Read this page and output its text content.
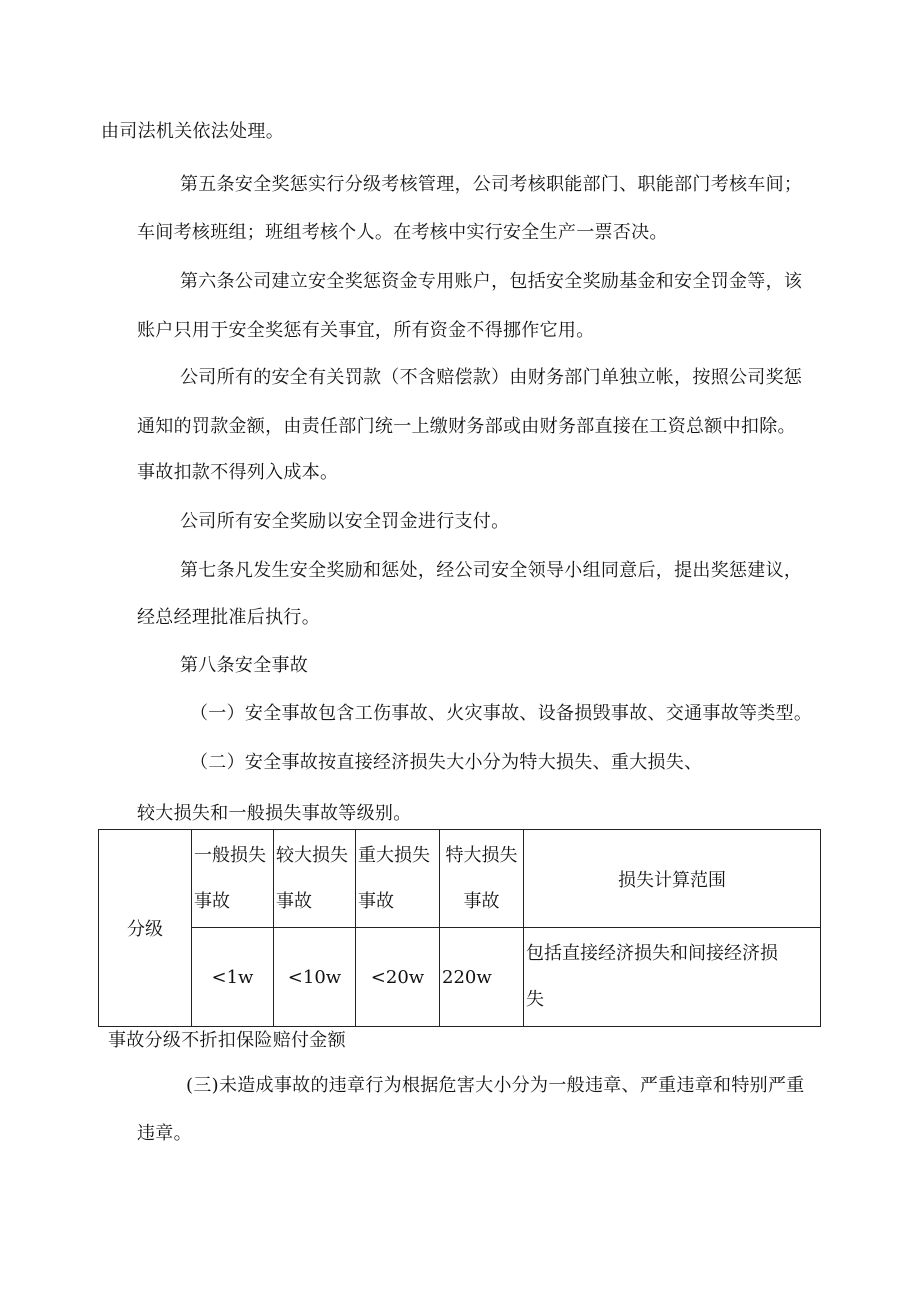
由司法机关依法处理。
第五条安全奖惩实行分级考核管理，公司考核职能部门、职能部门考核车间；
车间考核班组；班组考核个人。在考核中实行安全生产一票否决。
第六条公司建立安全奖惩资金专用账户，包括安全奖励基金和安全罚金等，该
账户只用于安全奖惩有关事宜，所有资金不得挪作它用。
公司所有的安全有关罚款（不含赔偿款）由财务部门单独立帐，按照公司奖惩
通知的罚款金额，由责任部门统一上缴财务部或由财务部直接在工资总额中扣除。
事故扣款不得列入成本。
公司所有安全奖励以安全罚金进行支付。
第七条凡发生安全奖励和惩处，经公司安全领导小组同意后，提出奖惩建议，
经总经理批准后执行。
第八条安全事故
（一）安全事故包含工伤事故、火灾事故、设备损毁事故、交通事故等类型。
（二）安全事故按直接经济损失大小分为特大损失、重大损失、
较大损失和一般损失事故等级别。
分级	一般损失事故	较大损失事故	重大损失事故	特大损失事故	损失计算范围
	<1w	<10w	<20w	220w	包括直接经济损失和间接经济损失
事故分级不折扣保险赔付金额
(三)未造成事故的违章行为根据危害大小分为一般违章、严重违章和特别严重
违章。
